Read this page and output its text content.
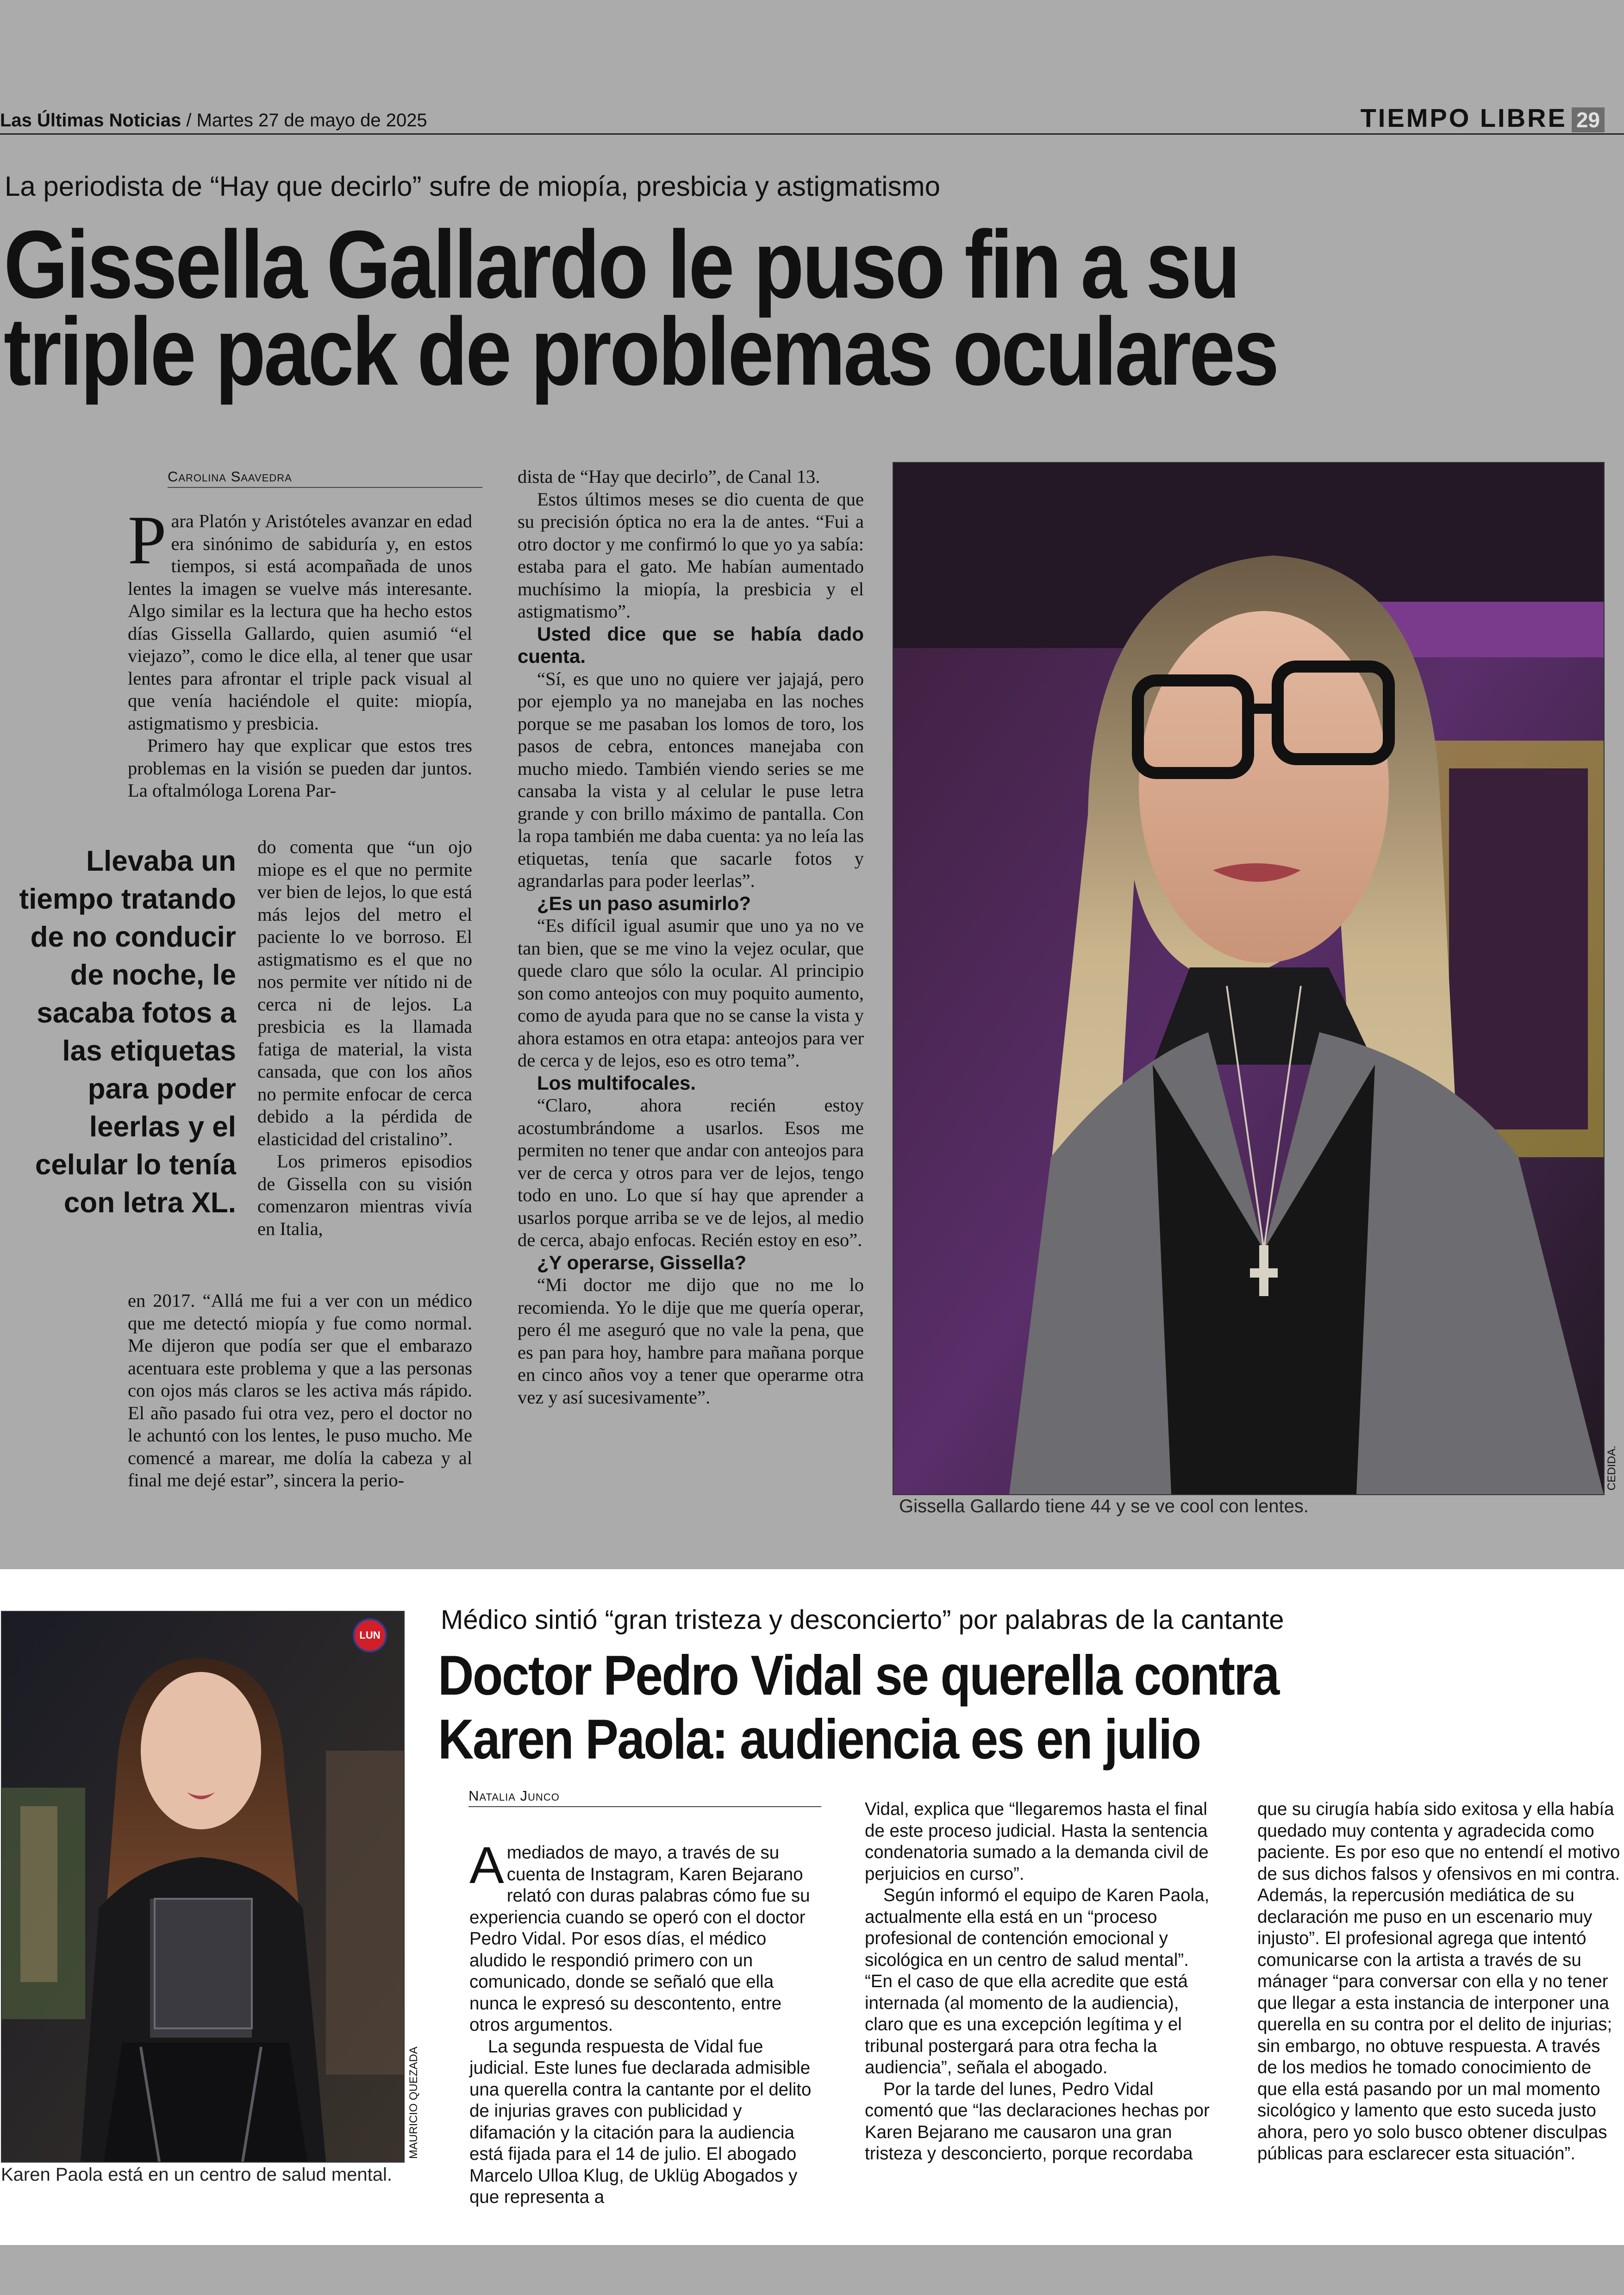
Las Últimas Noticias / Martes 27 de mayo de 2025	TIEMPO LIBRE 29
La periodista de “Hay que decirlo” sufre de miopía, presbicia y astigmatismo
Gissella Gallardo le puso fin a su
triple pack de problemas oculares
Carolina Saavedra

Para Platón y Aristóteles avanzar en edad era sinónimo de sabiduría y, en estos tiempos, si está acompañada de unos lentes la imagen se vuelve más interesante. Algo similar es la lectura que ha hecho estos días Gissella Gallardo, quien asumió “el viejazo”, como le dice ella, al tener que usar lentes para afrontar el triple pack visual al que venía haciéndole el quite: miopía, astigmatismo y presbicia.

Primero hay que explicar que estos tres problemas en la visión se pueden dar juntos. La oftalmóloga Lorena Par-

do comenta que “un ojo miope es el que no permite ver bien de lejos, lo que está más lejos del metro el paciente lo ve borroso. El astigmatismo es el que no nos permite ver nítido ni de cerca ni de lejos. La presbicia es la llamada fatiga de material, la vista cansada, que con los años no permite enfocar de cerca debido a la pérdida de elasticidad del cristalino”.

Los primeros episodios de Gissella con su visión comenzaron mientras vivía en Italia,

en 2017. “Allá me fui a ver con un médico que me detectó miopía y fue como normal. Me dijeron que podía ser que el embarazo acentuara este problema y que a las personas con ojos más claros se les activa más rápido. El año pasado fui otra vez, pero el doctor no le achuntó con los lentes, le puso mucho. Me comencé a marear, me dolía la cabeza y al final me dejé estar”, sincera la perio-

Llevaba un tiempo tratando de no conducir de noche, le sacaba fotos a las etiquetas para poder leerlas y el celular lo tenía con letra XL.

dista de “Hay que decirlo”, de Canal 13.

Estos últimos meses se dio cuenta de que su precisión óptica no era la de antes. “Fui a otro doctor y me confirmó lo que yo ya sabía: estaba para el gato. Me habían aumentado muchísimo la miopía, la presbicia y el astigmatismo”.

Usted dice que se había dado cuenta.

“Sí, es que uno no quiere ver jajajá, pero por ejemplo ya no manejaba en las noches porque se me pasaban los lomos de toro, los pasos de cebra, entonces manejaba con mucho miedo. También viendo series se me cansaba la vista y al celular le puse letra grande y con brillo máximo de pantalla. Con la ropa también me daba cuenta: ya no leía las etiquetas, tenía que sacarle fotos y agrandarlas para poder leerlas”.

¿Es un paso asumirlo?

“Es difícil igual asumir que uno ya no ve tan bien, que se me vino la vejez ocular, que quede claro que sólo la ocular. Al principio son como anteojos con muy poquito aumento, como de ayuda para que no se canse la vista y ahora estamos en otra etapa: anteojos para ver de cerca y de lejos, eso es otro tema”.

Los multifocales.

“Claro, ahora recién estoy acostumbrándome a usarlos. Esos me permiten no tener que andar con anteojos para ver de cerca y otros para ver de lejos, tengo todo en uno. Lo que sí hay que aprender a usarlos porque arriba se ve de lejos, al medio de cerca, abajo enfocas. Recién estoy en eso”.

¿Y operarse, Gissella?

“Mi doctor me dijo que no me lo recomienda. Yo le dije que me quería operar, pero él me aseguró que no vale la pena, que es pan para hoy, hambre para mañana porque en cinco años voy a tener que operarme otra vez y así sucesivamente”.

Gissella Gallardo tiene 44 y se ve cool con lentes.
CEDIDA.
LUN
MAURICIO QUEZADA
Karen Paola está en un centro de salud mental.
Médico sintió “gran tristeza y desconcierto” por palabras de la cantante
Doctor Pedro Vidal se querella contra
Karen Paola: audiencia es en julio
Natalia Junco

Amediados de mayo, a través de su cuenta de Instagram, Karen Bejarano relató con duras palabras cómo fue su experiencia cuando se operó con el doctor Pedro Vidal. Por esos días, el médico aludido le respondió primero con un comunicado, donde se señaló que ella nunca le expresó su descontento, entre otros argumentos.

La segunda respuesta de Vidal fue judicial. Este lunes fue declarada admisible una querella contra la cantante por el delito de injurias graves con publicidad y difamación y la citación para la audiencia está fijada para el 14 de julio. El abogado Marcelo Ulloa Klug, de Uklüg Abogados y que representa a

Vidal, explica que “llegaremos hasta el final de este proceso judicial. Hasta la sentencia condenatoria sumado a la demanda civil de perjuicios en curso”.

Según informó el equipo de Karen Paola, actualmente ella está en un “proceso profesional de contención emocional y sicológica en un centro de salud mental”. “En el caso de que ella acredite que está internada (al momento de la audiencia), claro que es una excepción legítima y el tribunal postergará para otra fecha la audiencia”, señala el abogado.

Por la tarde del lunes, Pedro Vidal comentó que “las declaraciones hechas por Karen Bejarano me causaron una gran tristeza y desconcierto, porque recordaba

que su cirugía había sido exitosa y ella había quedado muy contenta y agradecida como paciente. Es por eso que no entendí el motivo de sus dichos falsos y ofensivos en mi contra. Además, la repercusión mediática de su declaración me puso en un escenario muy injusto”. El profesional agrega que intentó comunicarse con la artista a través de su mánager “para conversar con ella y no tener que llegar a esta instancia de interponer una querella en su contra por el delito de injurias; sin embargo, no obtuve respuesta. A través de los medios he tomado conocimiento de que ella está pasando por un mal momento sicológico y lamento que esto suceda justo ahora, pero yo solo busco obtener disculpas públicas para esclarecer esta situación”.
